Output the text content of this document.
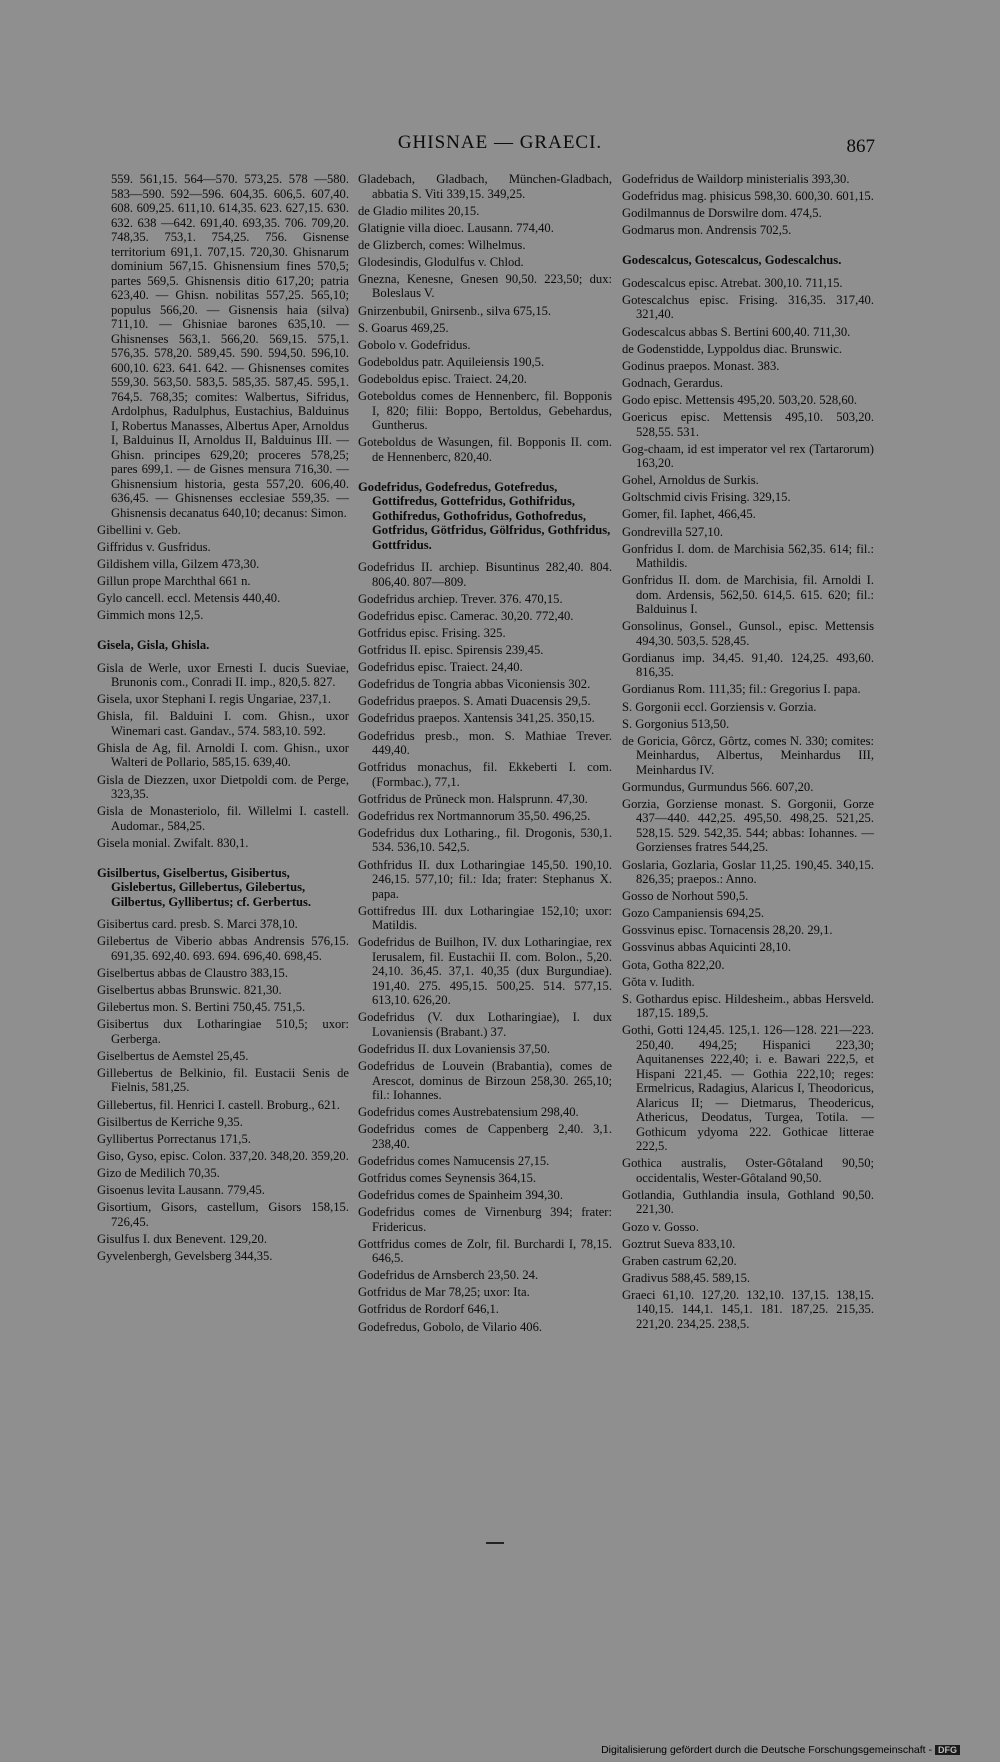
GHISNAE — GRAECI.	867
559. 561,15. 564—570. 573,25. 578 —580. 583—590. 592—596. 604,35. 606,5. 607,40. 608. 609,25. 611,10. 614,35. 623. 627,15. 630. 632. 638 —642. 691,40. 693,35. 706. 709,20. 748,35. 753,1. 754,25. 756. Gisnense territorium 691,1. 707,15. 720,30. Ghisnarum dominium 567,15. Ghisnensium fines 570,5; partes 569,5. Ghisnensis ditio 617,20; patria 623,40. — Ghisn. nobilitas 557,25. 565,10; populus 566,20. — Gisnensis haia (silva) 711,10. — Ghisniae barones 635,10. — Ghisnenses 563,1. 566,20. 569,15. 575,1. 576,35. 578,20. 589,45. 590. 594,50. 596,10. 600,10. 623. 641. 642. — Ghisnenses comites 559,30. 563,50. 583,5. 585,35. 587,45. 595,1. 764,5. 768,35; comites: Walbertus, Sifridus, Ardolphus, Radulphus, Eustachius, Balduinus I, Robertus Manasses, Albertus Aper, Arnoldus I, Balduinus II, Arnoldus II, Balduinus III. — Ghisn. principes 629,20; proceres 578,25; pares 699,1. — de Gisnes mensura 716,30. — Ghisnensium historia, gesta 557,20. 606,40. 636,45. — Ghisnenses ecclesiae 559,35. — Ghisnensis decanatus 640,10; decanus: Simon.
Gibellini v. Geb.
Giffridus v. Gusfridus.
Gildishem villa, Gilzem 473,30.
Gillun prope Marchthal 661 n.
Gylo cancell. eccl. Metensis 440,40.
Gimmich mons 12,5.
Gisela, Gisla, Ghisla.
Gisla de Werle, uxor Ernesti I. ducis Sueviae, Brunonis com., Conradi II. imp., 820,5. 827.
Gisela, uxor Stephani I. regis Ungariae, 237,1.
Ghisla, fil. Balduini I. com. Ghisn., uxor Winemari cast. Gandav., 574. 583,10. 592.
Ghisla de Ag, fil. Arnoldi I. com. Ghisn., uxor Walteri de Pollario, 585,15. 639,40.
Gisla de Diezzen, uxor Dietpoldi com. de Perge, 323,35.
Gisla de Monasteriolo, fil. Willelmi I. castell. Audomar., 584,25.
Gisela monial. Zwifalt. 830,1.
Gisilbertus, Giselbertus, Gisibertus, Gislebertus, Gillebertus, Gilebertus, Gilbertus, Gyllibertus; cf. Gerbertus.
Gisibertus card. presb. S. Marci 378,10.
Gilebertus de Viberio abbas Andrensis 576,15. 691,35. 692,40. 693. 694. 696,40. 698,45.
Giselbertus abbas de Claustro 383,15.
Giselbertus abbas Brunswic. 821,30.
Gilebertus mon. S. Bertini 750,45. 751,5.
Gisibertus dux Lotharingiae 510,5; uxor: Gerberga.
Giselbertus de Aemstel 25,45.
Gillebertus de Belkinio, fil. Eustacii Senis de Fielnis, 581,25.
Gillebertus, fil. Henrici I. castell. Broburg., 621.
Gisilbertus de Kerriche 9,35.
Gyllibertus Porrectanus 171,5.
Giso, Gyso, episc. Colon. 337,20. 348,20. 359,20.
Gizo de Medilich 70,35.
Gisoenus levita Lausann. 779,45.
Gisortium, Gisors, castellum, Gisors 158,15. 726,45.
Gisulfus I. dux Benevent. 129,20.
Gyvelenbergh, Gevelsberg 344,35.
Gladebach, Gladbach, München-Gladbach, abbatia S. Viti 339,15. 349,25.
de Gladio milites 20,15.
Glatignie villa dioec. Lausann. 774,40.
de Glizberch, comes: Wilhelmus.
Glodesindis, Glodulfus v. Chlod.
Gnezna, Kenesne, Gnesen 90,50. 223,50; dux: Boleslaus V.
Gnirzenbubil, Gnirsenb., silva 675,15.
S. Goarus 469,25.
Gobolo v. Godefridus.
Godeboldus patr. Aquileiensis 190,5.
Godeboldus episc. Traiect. 24,20.
Goteboldus comes de Hennenberc, fil. Bopponis I, 820; filii: Boppo, Bertoldus, Gebehardus, Guntherus.
Goteboldus de Wasungen, fil. Bopponis II. com. de Hennenberc, 820,40.
Godefridus, Godefredus, Gotefredus, Gottifredus, Gottefridus, Gothifridus, Gothifredus, Gothofridus, Gothofredus, Gotfridus, Götfridus, Gölfridus, Gothfridus, Gottfridus.
Godefridus II. archiep. Bisuntinus 282,40. 804. 806,40. 807—809.
Godefridus archiep. Trever. 376. 470,15.
Godefridus episc. Camerac. 30,20. 772,40.
Gotfridus episc. Frising. 325.
Gotfridus II. episc. Spirensis 239,45.
Godefridus episc. Traiect. 24,40.
Godefridus de Tongria abbas Viconiensis 302.
Godefridus praepos. S. Amati Duacensis 29,5.
Godefridus praepos. Xantensis 341,25. 350,15.
Godefridus presb., mon. S. Mathiae Trever. 449,40.
Gotfridus monachus, fil. Ekkeberti I. com. (Formbac.), 77,1.
Gotfridus de Prŭneck mon. Halsprunn. 47,30.
Godefridus rex Nortmannorum 35,50. 496,25.
Godefridus dux Lotharing., fil. Drogonis, 530,1. 534. 536,10. 542,5.
Gothfridus II. dux Lotharingiae 145,50. 190,10. 246,15. 577,10; fil.: Ida; frater: Stephanus X. papa.
Gottifredus III. dux Lotharingiae 152,10; uxor: Matildis.
Godefridus de Builhon, IV. dux Lotharingiae, rex Ierusalem, fil. Eustachii II. com. Bolon., 5,20. 24,10. 36,45. 37,1. 40,35 (dux Burgundiae). 191,40. 275. 495,15. 500,25. 514. 577,15. 613,10. 626,20.
Godefridus (V. dux Lotharingiae), I. dux Lovaniensis (Brabant.) 37.
Godefridus II. dux Lovaniensis 37,50.
Godefridus de Louvein (Brabantia), comes de Arescot, dominus de Birzoun 258,30. 265,10; fil.: Iohannes.
Godefridus comes Austrebatensium 298,40.
Godefridus comes de Cappenberg 2,40. 3,1. 238,40.
Godefridus comes Namucensis 27,15.
Gotfridus comes Seynensis 364,15.
Godefridus comes de Spainheim 394,30.
Godefridus comes de Virnenburg 394; frater: Fridericus.
Gottfridus comes de Zolr, fil. Burchardi I, 78,15. 646,5.
Godefridus de Arnsberch 23,50. 24.
Gotfridus de Mar 78,25; uxor: Ita.
Gotfridus de Rordorf 646,1.
Godefredus, Gobolo, de Vilario 406.
Godefridus de Waildorp ministerialis 393,30.
Godefridus mag. phisicus 598,30. 600,30. 601,15.
Godilmannus de Dorswilre dom. 474,5.
Godmarus mon. Andrensis 702,5.
Godescalcus, Gotescalcus, Godescalchus.
Godescalcus episc. Atrebat. 300,10. 711,15.
Gotescalchus episc. Frising. 316,35. 317,40. 321,40.
Godescalcus abbas S. Bertini 600,40. 711,30.
de Godenstidde, Lyppoldus diac. Brunswic.
Godinus praepos. Monast. 383.
Godnach, Gerardus.
Godo episc. Mettensis 495,20. 503,20. 528,60.
Goericus episc. Mettensis 495,10. 503,20. 528,55. 531.
Gog-chaam, id est imperator vel rex (Tartarorum) 163,20.
Gohel, Arnoldus de Surkis.
Goltschmid civis Frising. 329,15.
Gomer, fil. Iaphet, 466,45.
Gondrevilla 527,10.
Gonfridus I. dom. de Marchisia 562,35. 614; fil.: Mathildis.
Gonfridus II. dom. de Marchisia, fil. Arnoldi I. dom. Ardensis, 562,50. 614,5. 615. 620; fil.: Balduinus I.
Gonsolinus, Gonsel., Gunsol., episc. Mettensis 494,30. 503,5. 528,45.
Gordianus imp. 34,45. 91,40. 124,25. 493,60. 816,35.
Gordianus Rom. 111,35; fil.: Gregorius I. papa.
S. Gorgonii eccl. Gorziensis v. Gorzia.
S. Gorgonius 513,50.
de Goricia, Gôrcz, Gôrtz, comes N. 330; comites: Meinhardus, Albertus, Meinhardus III, Meinhardus IV.
Gormundus, Gurmundus 566. 607,20.
Gorzia, Gorziense monast. S. Gorgonii, Gorze 437—440. 442,25. 495,50. 498,25. 521,25. 528,15. 529. 542,35. 544; abbas: Iohannes. — Gorzienses fratres 544,25.
Goslaria, Gozlaria, Goslar 11,25. 190,45. 340,15. 826,35; praepos.: Anno.
Gosso de Norhout 590,5.
Gozo Campaniensis 694,25.
Gossvinus episc. Tornacensis 28,20. 29,1.
Gossvinus abbas Aquicinti 28,10.
Gota, Gotha 822,20.
Gŏta v. Iudith.
S. Gothardus episc. Hildesheim., abbas Hersveld. 187,15. 189,5.
Gothi, Gotti 124,45. 125,1. 126—128. 221—223. 250,40. 494,25; Hispanici 223,30; Aquitanenses 222,40; i. e. Bawari 222,5, et Hispani 221,45. — Gothia 222,10; reges: Ermelricus, Radagius, Alaricus I, Theodoricus, Alaricus II; — Dietmarus, Theodericus, Athericus, Deodatus, Turgea, Totila. — Gothicum ydyoma 222. Gothicae litterae 222,5.
Gothica australis, Oster-Gôtaland 90,50; occidentalis, Wester-Gôtaland 90,50.
Gotlandia, Guthlandia insula, Gothland 90,50. 221,30.
Gozo v. Gosso.
Goztrut Sueva 833,10.
Graben castrum 62,20.
Gradivus 588,45. 589,15.
Graeci 61,10. 127,20. 132,10. 137,15. 138,15. 140,15. 144,1. 145,1. 181. 187,25. 215,35. 221,20. 234,25. 238,5.
Digitalisierung gefördert durch die Deutsche Forschungsgemeinschaft - DFG
